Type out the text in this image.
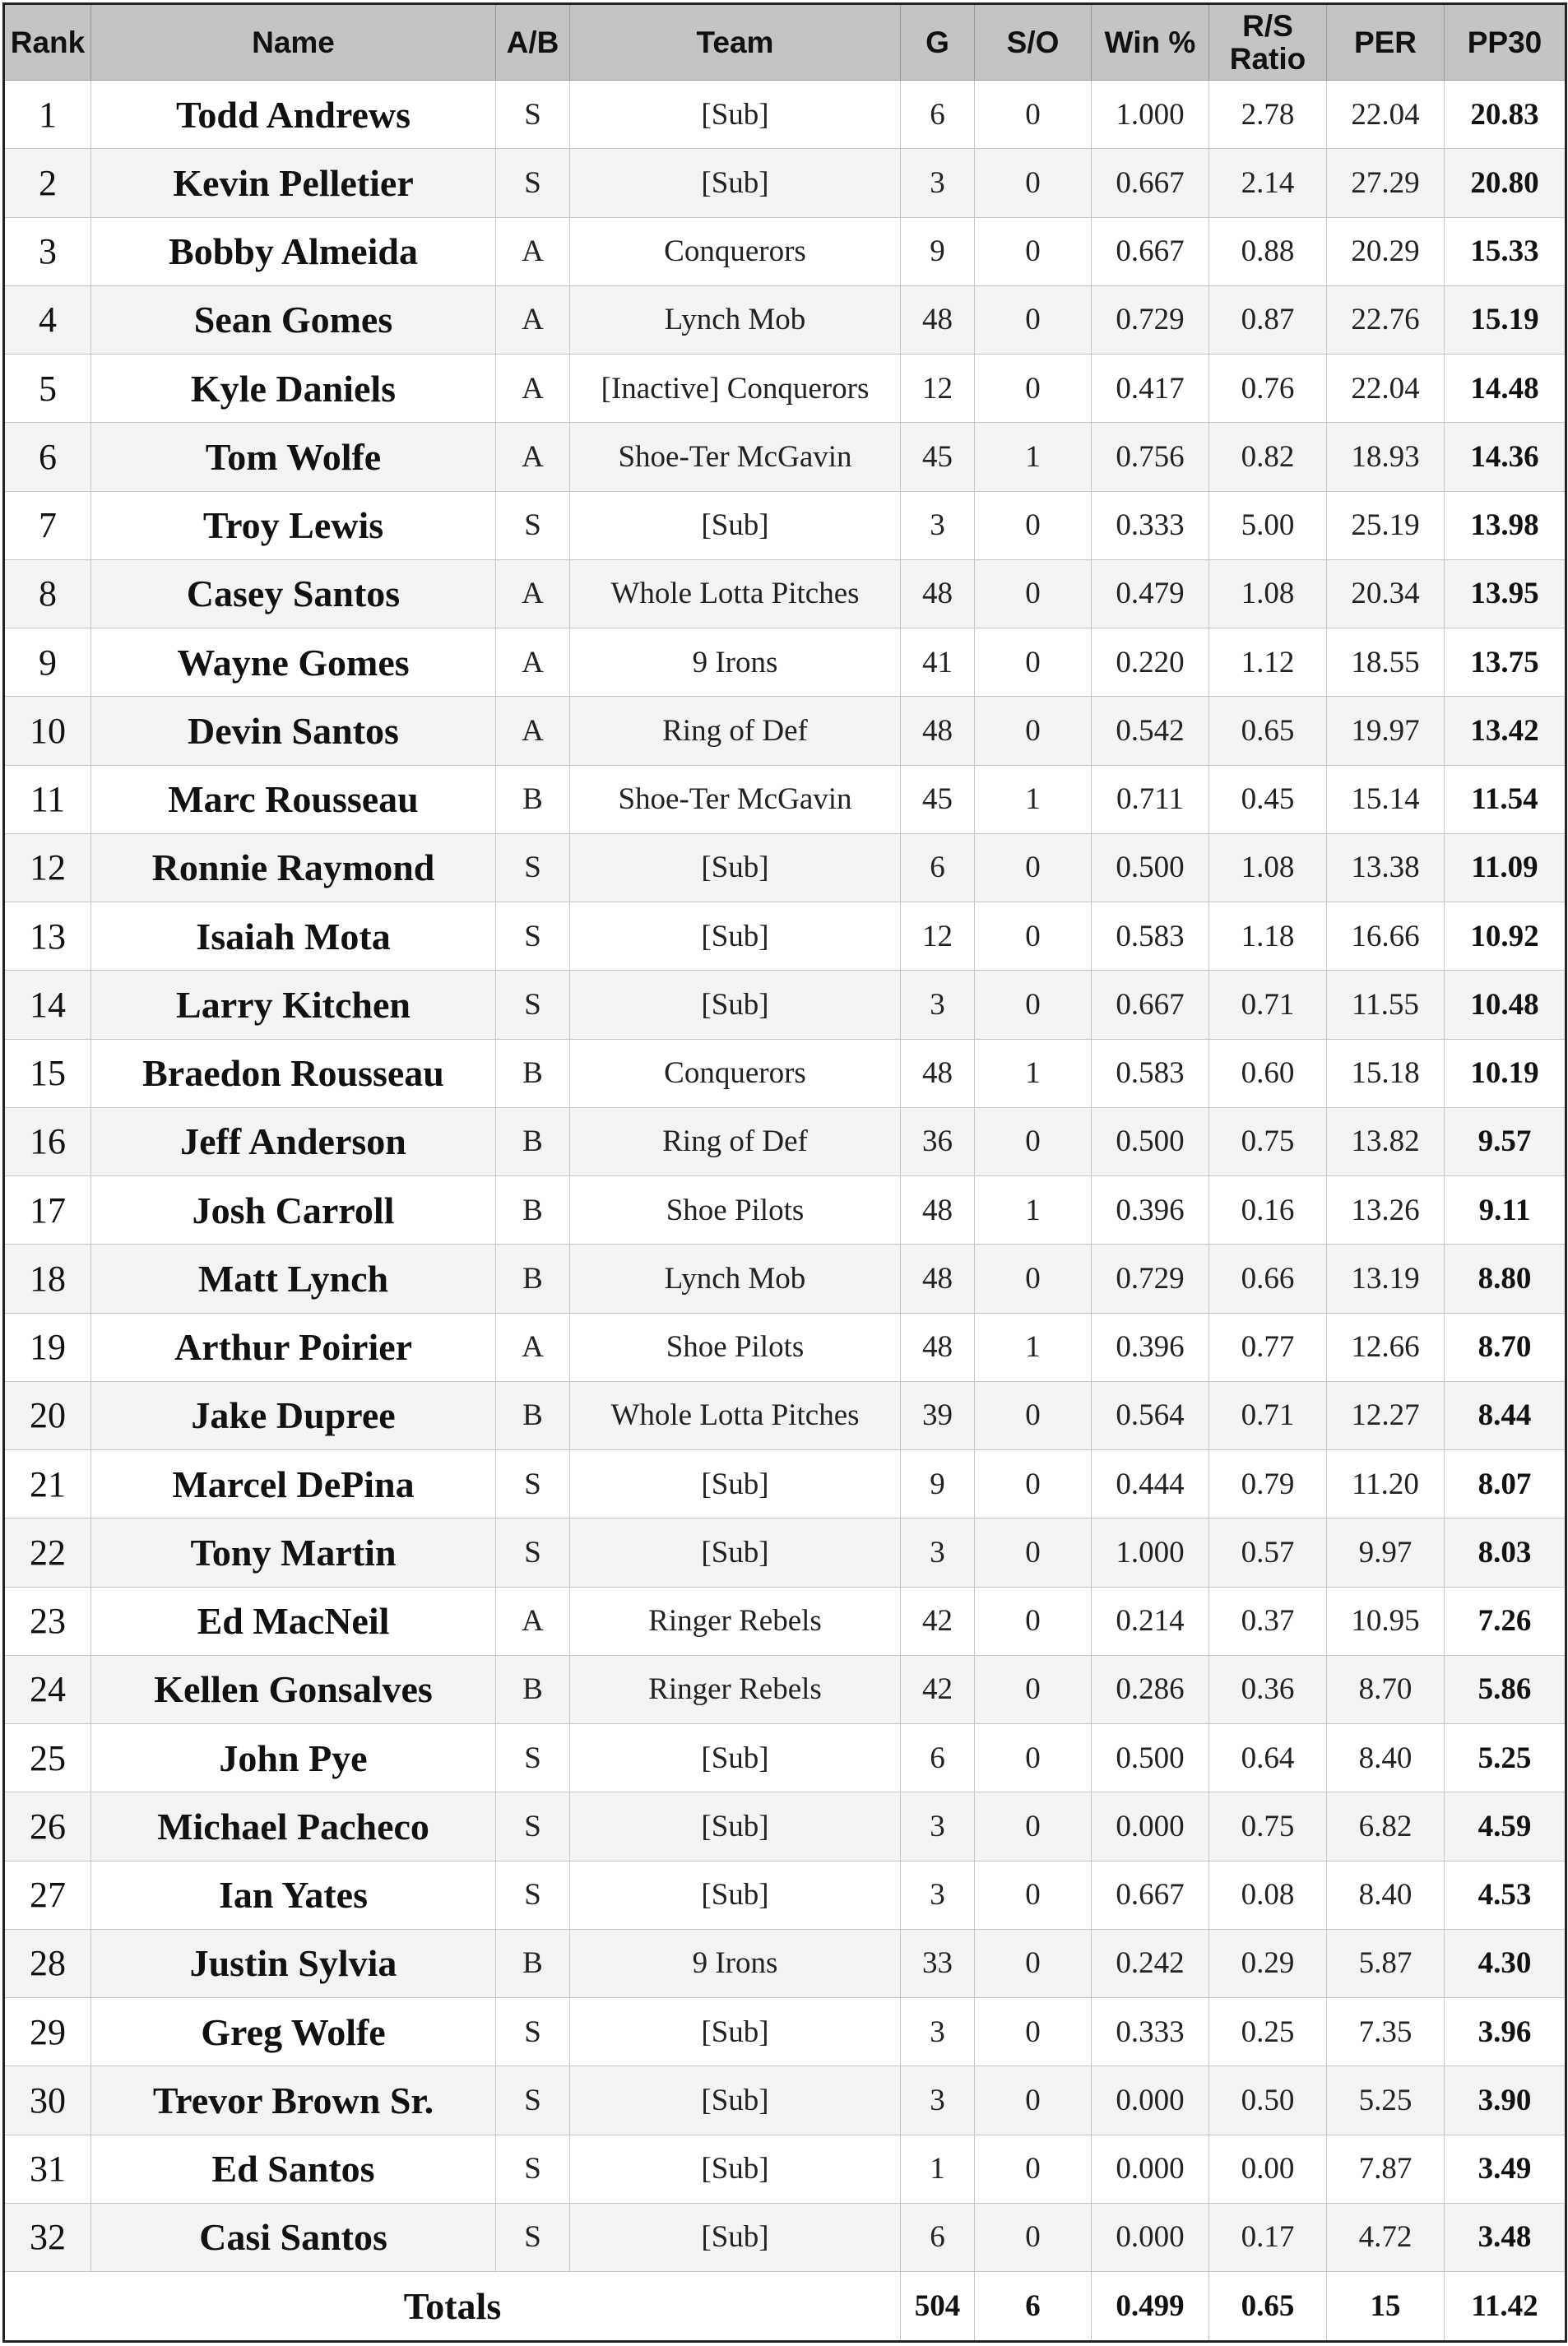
Rank	Name	A/B	Team	G	S/O	Win %	R/S Ratio	PER	PP30
1	Todd Andrews	S	[Sub]	6	0	1.000	2.78	22.04	20.83
2	Kevin Pelletier	S	[Sub]	3	0	0.667	2.14	27.29	20.80
3	Bobby Almeida	A	Conquerors	9	0	0.667	0.88	20.29	15.33
4	Sean Gomes	A	Lynch Mob	48	0	0.729	0.87	22.76	15.19
5	Kyle Daniels	A	[Inactive] Conquerors	12	0	0.417	0.76	22.04	14.48
6	Tom Wolfe	A	Shoe-Ter McGavin	45	1	0.756	0.82	18.93	14.36
7	Troy Lewis	S	[Sub]	3	0	0.333	5.00	25.19	13.98
8	Casey Santos	A	Whole Lotta Pitches	48	0	0.479	1.08	20.34	13.95
9	Wayne Gomes	A	9 Irons	41	0	0.220	1.12	18.55	13.75
10	Devin Santos	A	Ring of Def	48	0	0.542	0.65	19.97	13.42
11	Marc Rousseau	B	Shoe-Ter McGavin	45	1	0.711	0.45	15.14	11.54
12	Ronnie Raymond	S	[Sub]	6	0	0.500	1.08	13.38	11.09
13	Isaiah Mota	S	[Sub]	12	0	0.583	1.18	16.66	10.92
14	Larry Kitchen	S	[Sub]	3	0	0.667	0.71	11.55	10.48
15	Braedon Rousseau	B	Conquerors	48	1	0.583	0.60	15.18	10.19
16	Jeff Anderson	B	Ring of Def	36	0	0.500	0.75	13.82	9.57
17	Josh Carroll	B	Shoe Pilots	48	1	0.396	0.16	13.26	9.11
18	Matt Lynch	B	Lynch Mob	48	0	0.729	0.66	13.19	8.80
19	Arthur Poirier	A	Shoe Pilots	48	1	0.396	0.77	12.66	8.70
20	Jake Dupree	B	Whole Lotta Pitches	39	0	0.564	0.71	12.27	8.44
21	Marcel DePina	S	[Sub]	9	0	0.444	0.79	11.20	8.07
22	Tony Martin	S	[Sub]	3	0	1.000	0.57	9.97	8.03
23	Ed MacNeil	A	Ringer Rebels	42	0	0.214	0.37	10.95	7.26
24	Kellen Gonsalves	B	Ringer Rebels	42	0	0.286	0.36	8.70	5.86
25	John Pye	S	[Sub]	6	0	0.500	0.64	8.40	5.25
26	Michael Pacheco	S	[Sub]	3	0	0.000	0.75	6.82	4.59
27	Ian Yates	S	[Sub]	3	0	0.667	0.08	8.40	4.53
28	Justin Sylvia	B	9 Irons	33	0	0.242	0.29	5.87	4.30
29	Greg Wolfe	S	[Sub]	3	0	0.333	0.25	7.35	3.96
30	Trevor Brown Sr.	S	[Sub]	3	0	0.000	0.50	5.25	3.90
31	Ed Santos	S	[Sub]	1	0	0.000	0.00	7.87	3.49
32	Casi Santos	S	[Sub]	6	0	0.000	0.17	4.72	3.48
Totals				504	6	0.499	0.65	15	11.42
